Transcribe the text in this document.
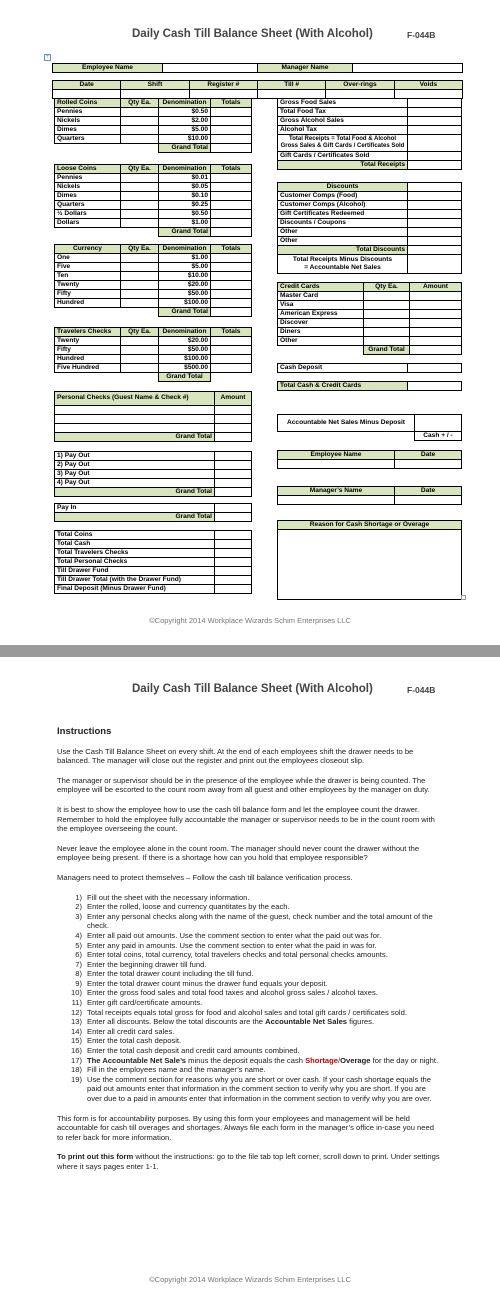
Daily Cash Till Balance Sheet (With Alcohol)	F-044B
+
Employee Name		Manager Name	
Date	Shift	Register #	Till #	Over-rings	Voids

Rolled Coins	Qty Ea.	Denomination	Totals
Pennies		$0.50	
Nickels		$2.00	
Dimes		$5.00	
Quarters		$10.00	
		Grand Total	
Loose Coins	Qty Ea.	Denomination	Totals
Pennies		$0.01	
Nickels		$0.05	
Dimes		$0.10	
Quarters		$0.25	
½ Dollars		$0.50	
Dollars		$1.00	
		Grand Total	
Currency	Qty Ea.	Denomination	Totals
One		$1.00	
Five		$5.00	
Ten		$10.00	
Twenty		$20.00	
Fifty		$50.00	
Hundred		$100.00	
		Grand Total	
Travelers Checks	Qty Ea.	Denomination	Totals
Twenty		$20.00	
Fifty		$50.00	
Hundred		$100.00	
Five Hundred		$500.00	
		Grand Total	
Personal Checks (Guest Name & Check #)	Amount

Grand Total	
1) Pay Out	
2) Pay Out	
3) Pay Out	
4) Pay Out	
Grand Total	
Pay In	
Grand Total	
Total Coins	
Total Cash	
Total Travelers Checks	
Total Personal Checks	
Till Drawer Fund	
Till Drawer Total (with the Drawer Fund)	
Final Deposit (Minus Drawer Fund)	
Gross Food Sales	
Total Food Tax	
Gross Alcohol Sales	
Alcohol Tax	
Total Receipts = Total Food & Alcohol Gross Sales & Gift Cards / Certificates Sold	
Gift Cards / Certificates Sold	
Total Receipts	
Discounts	
Customer Comps (Food)	
Customer Comps (Alcohol)	
Gift Certificates Redeemed	
Discounts / Coupons	
Other	
Other	
Total Discounts	
Total Receipts Minus Discounts = Accountable Net Sales	
Credit Cards	Qty Ea.	Amount
Master Card		
Visa		
American Express		
Discover		
Diners		
Other		
	Grand Total	
Cash Deposit	
Total Cash & Credit Cards	
Accountable Net Sales Minus Deposit	
	Cash + / -
Employee Name	Date

Manager’s Name	Date

Reason for Cash Shortage or Overage

©Copyright 2014 Workplace Wizards Schim Enterprises LLC
Daily Cash Till Balance Sheet (With Alcohol)	F-044B
Instructions

Use the Cash Till Balance Sheet on every shift. At the end of each employees shift the drawer needs to be balanced. The manager will close out the register and print out the employees closeout slip.

The manager or supervisor should be in the presence of the employee while the drawer is being counted. The employee will be escorted to the count room away from all guest and other employees by the manager on duty.

It is best to show the employee how to use the cash till balance form and let the employee count the drawer. Remember to hold the employee fully accountable the manager or supervisor needs to be in the count room with the employee overseeing the count.

Never leave the employee alone in the count room. The manager should never count the drawer without the employee being present. If there is a shortage how can you hold that employee responsible?

Managers need to protect themselves – Follow the cash till balance verification process.

1) Fill out the sheet with the necessary information.
2) Enter the rolled, loose and currency quantitates by the each.
3) Enter any personal checks along with the name of the guest, check number and the total amount of the check.
4) Enter all paid out amounts. Use the comment section to enter what the paid out was for.
5) Enter any paid in amounts. Use the comment section to enter what the paid in was for.
6) Enter total coins, total currency, total travelers checks and total personal checks amounts.
7) Enter the beginning drawer till fund.
8) Enter the total drawer count including the till fund.
9) Enter the total drawer count minus the drawer fund equals your deposit.
10) Enter the gross food sales and total food taxes and alcohol gross sales / alcohol taxes.
11) Enter gift card/certificate amounts.
12) Total receipts equals total gross for food and alcohol sales and total gift cards / certificates sold.
13) Enter all discounts. Below the total discounts are the Accountable Net Sales figures.
14) Enter all credit card sales.
15) Enter the total cash deposit.
16) Enter the total cash deposit and credit card amounts combined.
17) The Accountable Net Sale’s minus the deposit equals the cash Shortage/Overage for the day or night.
18) Fill in the employees name and the manager’s name.
19) Use the comment section for reasons why you are short or over cash. If your cash shortage equals the paid out amounts enter that information in the comment section to verify why you are short. If you are over due to a paid in amounts enter that information in the comment section to verify why you are over.

This form is for accountability purposes. By using this form your employees and management will be held accountable for cash till overages and shortages. Always file each form in the manager’s office in-case you need to refer back for more information.

To print out this form without the instructions: go to the file tab top left corner, scroll down to print. Under settings where it says pages enter 1-1.

©Copyright 2014 Workplace Wizards Schim Enterprises LLC
